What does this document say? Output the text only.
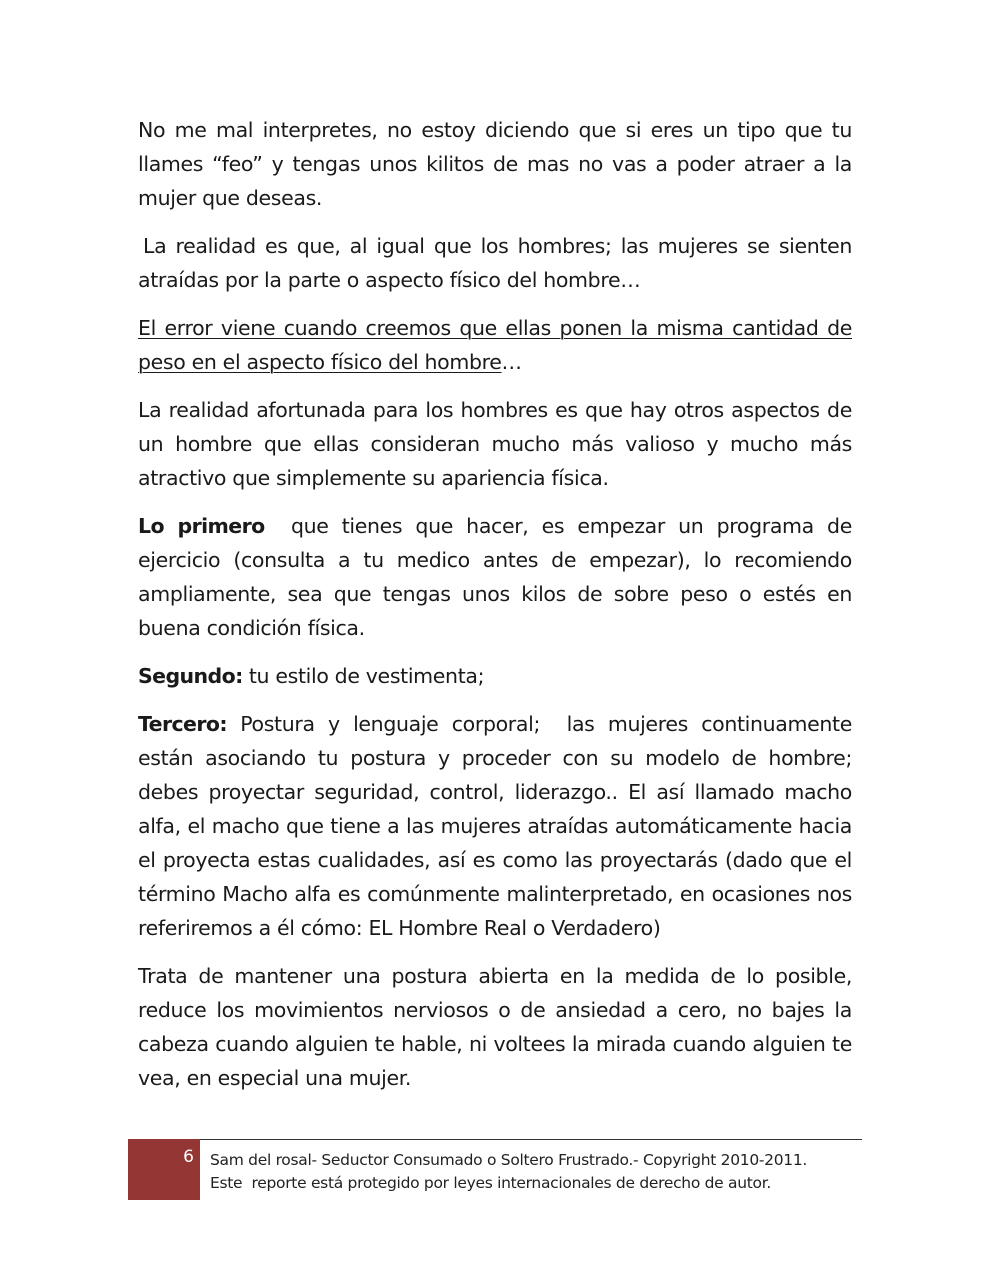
No me mal interpretes, no estoy diciendo que si eres un tipo que tu llames “feo” y tengas unos kilitos de mas no vas a poder atraer a la mujer que deseas.

La realidad es que, al igual que los hombres; las mujeres se sienten atraídas por la parte o aspecto físico del hombre…

El error viene cuando creemos que ellas ponen la misma cantidad de peso en el aspecto físico del hombre…

La realidad afortunada para los hombres es que hay otros aspectos de un hombre que ellas consideran mucho más valioso y mucho más atractivo que simplemente su apariencia física.

Lo primero  que tienes que hacer, es empezar un programa de ejercicio (consulta a tu medico antes de empezar), lo recomiendo ampliamente, sea que tengas unos kilos de sobre peso o estés en buena condición física.

Segundo: tu estilo de vestimenta;

Tercero: Postura y lenguaje corporal;  las mujeres continuamente están asociando tu postura y proceder con su modelo de hombre;  debes proyectar seguridad, control, liderazgo.. El así llamado macho alfa, el macho que tiene a las mujeres atraídas automáticamente hacia el proyecta estas cualidades, así es como las proyectarás (dado que el término Macho alfa es comúnmente malinterpretado, en ocasiones nos referiremos a él cómo: EL Hombre Real o Verdadero)

Trata de mantener una postura abierta en la medida de lo posible, reduce los movimientos nerviosos o de ansiedad a cero, no bajes la cabeza cuando alguien te hable, ni voltees la mirada cuando alguien te vea, en especial una mujer.

6 Sam del rosal- Seductor Consumado o Soltero Frustrado.- Copyright 2010-2011.
Este  reporte está protegido por leyes internacionales de derecho de autor.
